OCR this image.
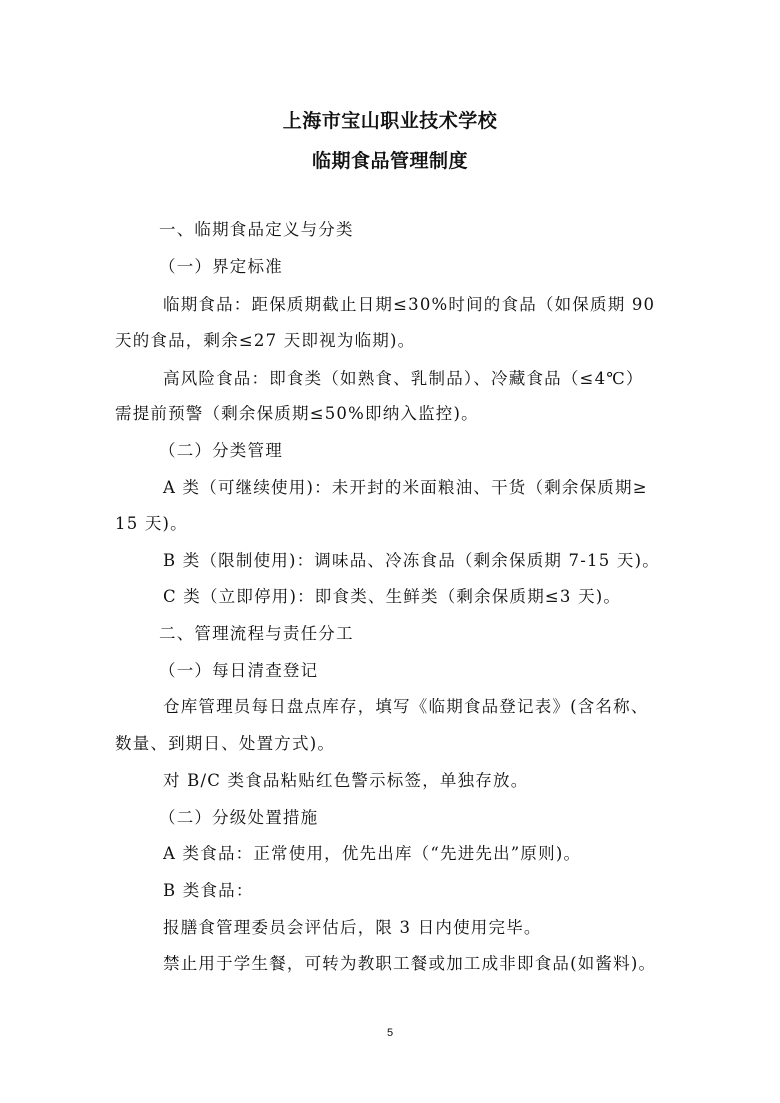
上海市宝山职业技术学校
临期食品管理制度
一、临期食品定义与分类
（一）界定标准
临期食品：距保质期截止日期≤30%时间的食品（如保质期 90
天的食品，剩余≤27 天即视为临期)。
高风险食品：即食类（如熟食、乳制品）、冷藏食品（≤4℃）
需提前预警（剩余保质期≤50%即纳入监控)。
（二）分类管理
A 类（可继续使用)：未开封的米面粮油、干货（剩余保质期≥
15 天)。
B 类（限制使用)：调味品、冷冻食品（剩余保质期 7-15 天)。
C 类（立即停用)：即食类、生鲜类（剩余保质期≤3 天)。
二、管理流程与责任分工
（一）每日清查登记
仓库管理员每日盘点库存，填写《临期食品登记表》(含名称、
数量、到期日、处置方式)。
对 B/C 类食品粘贴红色警示标签，单独存放。
（二）分级处置措施
A 类食品：正常使用，优先出库（“先进先出”原则)。
B 类食品：
报膳食管理委员会评估后，限 3 日内使用完毕。
禁止用于学生餐，可转为教职工餐或加工成非即食品(如酱料)。
5
